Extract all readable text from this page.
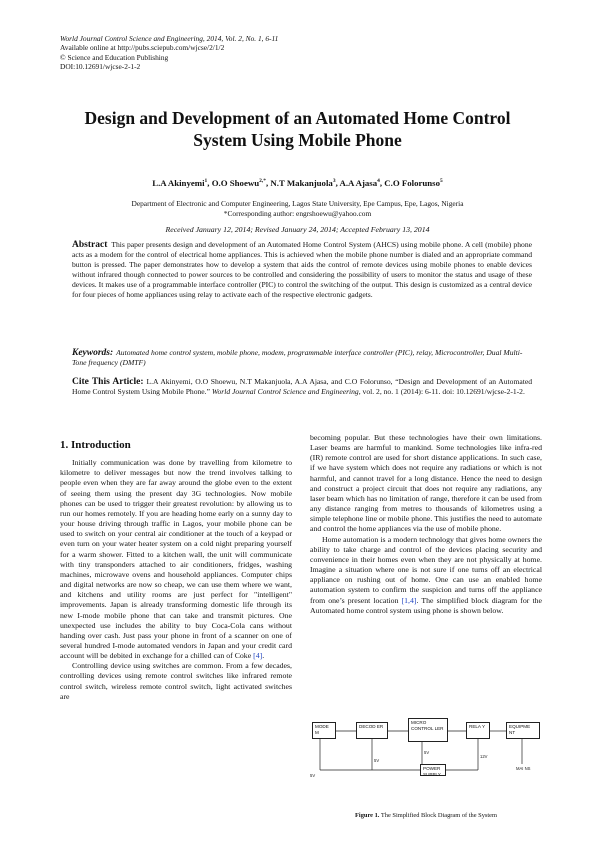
World Journal Control Science and Engineering, 2014, Vol. 2, No. 1, 6-11
Available online at http://pubs.sciepub.com/wjcse/2/1/2
© Science and Education Publishing
DOI:10.12691/wjcse-2-1-2
Design and Development of an Automated Home Control
System Using Mobile Phone
L.A Akinyemi$^1$, O.O Shoewu$^{2,*}$, N.T Makanjuola$^3$, A.A Ajasa$^4$, C.O Folorunso$^5$
Department of Electronic and Computer Engineering, Lagos State University, Epe Campus, Epe, Lagos, Nigeria
*Corresponding author: engrshoewu@yahoo.com
Received January 12, 2014; Revised January 24, 2014; Accepted February 13, 2014
Abstract This paper presents design and development of an Automated Home Control System (AHCS) using mobile phone. A cell (mobile) phone acts as a modem for the control of electrical home appliances. This is achieved when the mobile phone number is dialed and an appropriate command button is pressed. The paper demonstrates how to develop a system that aids the control of remote devices using mobile phones to enable devices without infrared though connected to power sources to be controlled and considering the possibility of users to monitor the status and usage of these devices. It makes use of a programmable interface controller (PIC) to control the switching of the output. This design is customized as a central device for four pieces of home appliances using relay to activate each of the respective electronic gadgets.
Keywords: Automated home control system, mobile phone, modem, programmable interface controller (PIC), relay, Microcontroller, Dual Multi-Tone frequency (DMTF)
Cite This Article: L.A Akinyemi, O.O Shoewu, N.T Makanjuola, A.A Ajasa, and C.O Folorunso, “Design and Development of an Automated Home Control System Using Mobile Phone.” World Journal Control Science and Engineering, vol. 2, no. 1 (2014): 6-11. doi: 10.12691/wjcse-2-1-2.
1. Introduction

Initially communication was done by travelling from kilometre to kilometre to deliver messages but now the trend involves talking to people even when they are far away around the globe even to the extent of seeing them using the present day 3G technologies. Now mobile phones can be used to trigger their greatest revolution: by allowing us to run our homes remotely. If you are heading home early on a sunny day to your house driving through traffic in Lagos, your mobile phone can be used to switch on your central air conditioner at the touch of a keypad or even turn on your water heater system on a cold night preparing yourself for a warm shower. Fitted to a kitchen wall, the unit will communicate with tiny transponders attached to air conditioners, fridges, washing machines, microwave ovens and household appliances. Computer chips and digital networks are now so cheap, we can use them where we want, and kitchens and utility rooms are just perfect for "intelligent" improvements. Japan is already transforming domestic life through its new I-mode mobile phone that can take and transmit pictures. One unexpected use includes the ability to buy Coca-Cola cans without handing over cash. Just pass your phone in front of a scanner on one of several hundred I-mode automated vendors in Japan and your credit card account will be debited in exchange for a chilled can of Coke [4].

Controlling device using switches are common. From a few decades, controlling devices using remote control switches like infrared remote control switch, wireless remote control switch, light activated switches are

becoming popular. But these technologies have their own limitations. Laser beams are harmful to mankind. Some technologies like infra-red (IR) remote control are used for short distance applications. In such case, if we have system which does not require any radiations or which is not harmful, and cannot travel for a long distance. Hence the need to design and construct a project circuit that does not require any radiations, any laser beam which has no limitation of range, therefore it can be used from any distance ranging from metres to thousands of kilometres using a simple telephone line or mobile phone. This justifies the need to automate and control the home appliances via the use of mobile phone.

Home automation is a modern technology that gives home owners the ability to take charge and control of the devices placing security and convenience in their homes even when they are not physically at home. Imagine a situation where one is not sure if one turns off an electrical appliance on rushing out of home. One can use an enabled home automation system to confirm the suspicion and turns off the appliance from one’s present location [1,4]. The simplified block diagram for the Automated home control system using phone is shown below.

MODE M
DECOD ER
MICRO CONTROL LER	RELA Y	EQUIPME NT
POWER SUPPLY
5V
5V
12V
5V
MAI NS
Figure 1. The Simplified Block Diagram of the System
